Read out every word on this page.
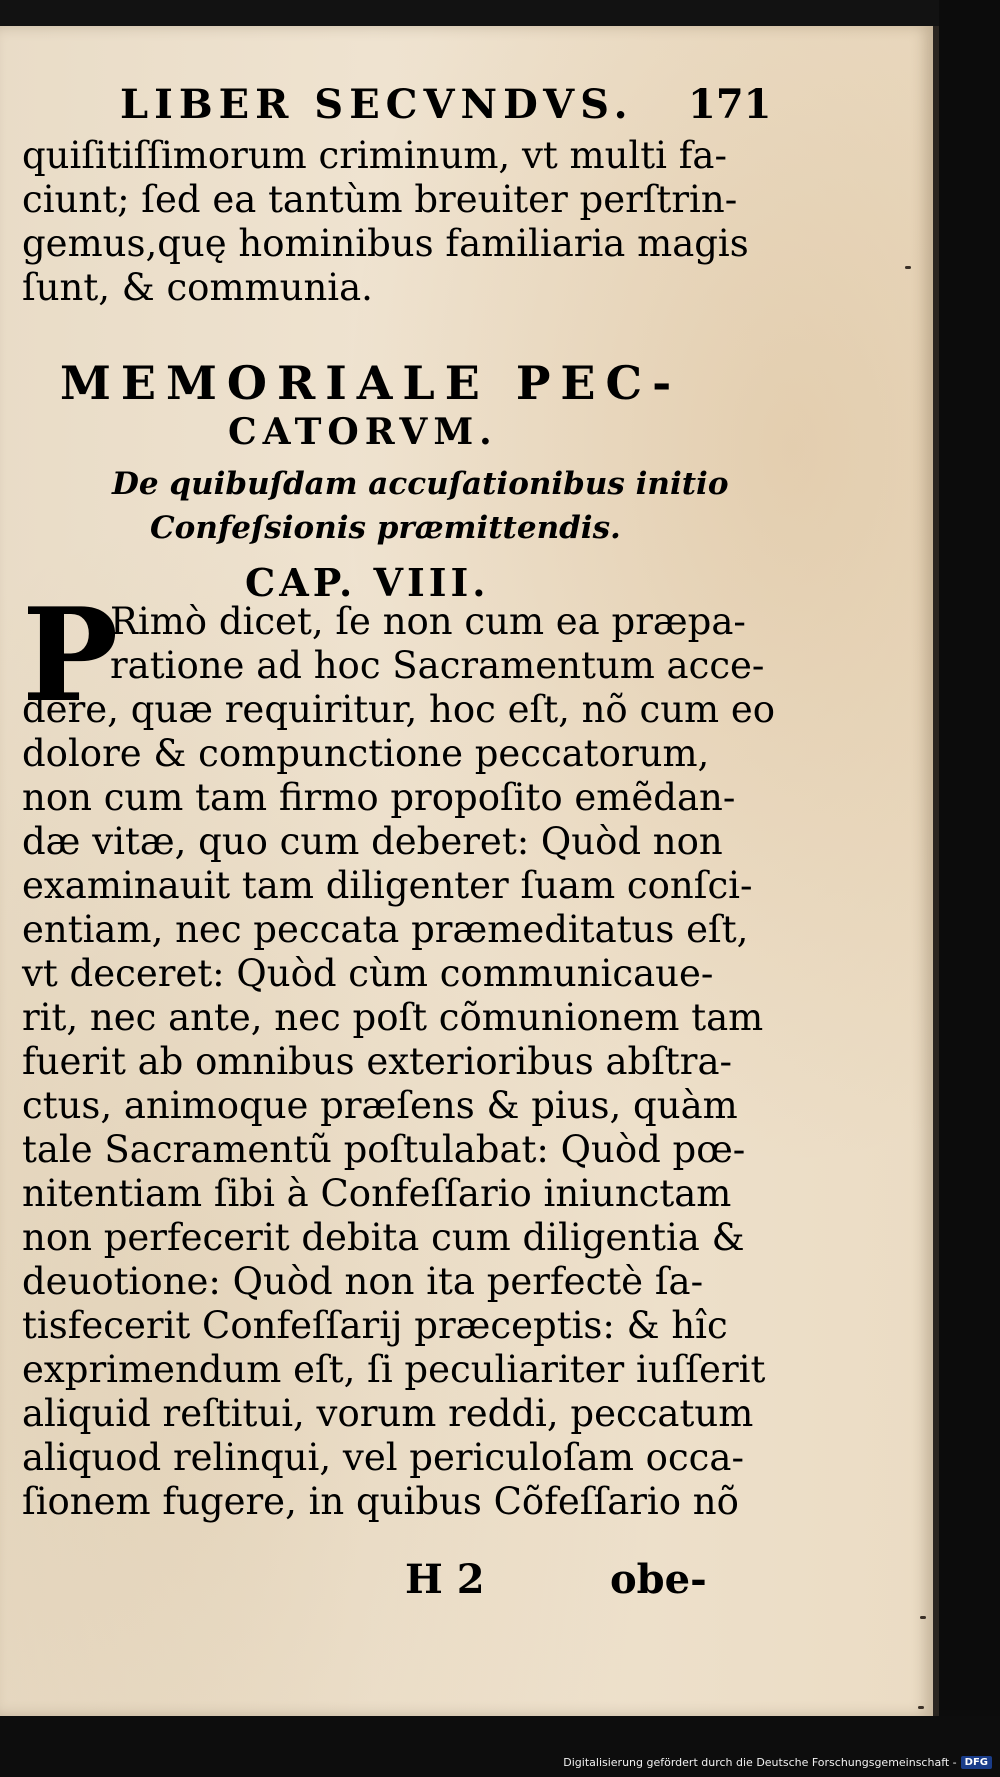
LIBER SECVNDVS. 171
quiſitiſſimorum criminum, vt multi fa-
ciunt; ſed ea tantùm breuiter perſtrin-
gemus,quę hominibus familiaria magis
ſunt, & communia.
MEMORIALE PEC-
CATORVM.
De quibuſdam accuſationibus initio
Confeſsionis præmittendis.
CAP. VIII.
P
Rimò dicet, ſe non cum ea præpa-
ratione ad hoc Sacramentum acce-
dere, quæ requiritur, hoc eſt, nõ cum eo
dolore & compunctione peccatorum,
non cum tam firmo propoſito emẽdan-
dæ vitæ, quo cum deberet: Quòd non
examinauit tam diligenter ſuam conſci-
entiam, nec peccata præmeditatus eſt,
vt deceret: Quòd cùm communicaue-
rit, nec ante, nec poſt cõmunionem tam
fuerit ab omnibus exterioribus abſtra-
ctus, animoque præſens & pius, quàm
tale Sacramentũ poſtulabat: Quòd pœ-
nitentiam ſibi à Confeſſario iniunctam
non perfecerit debita cum diligentia &
deuotione: Quòd non ita perfectè ſa-
tisfecerit Confeſſarij præceptis: & hîc
exprimendum eſt, ſi peculiariter iuſſerit
aliquid reſtitui, vorum reddi, peccatum
aliquod relinqui, vel periculoſam occa-
ſionem fugere, in quibus Cõfeſſario nõ
H 2	obe-
Digitalisierung gefördert durch die Deutsche Forschungsgemeinschaft - DFG
